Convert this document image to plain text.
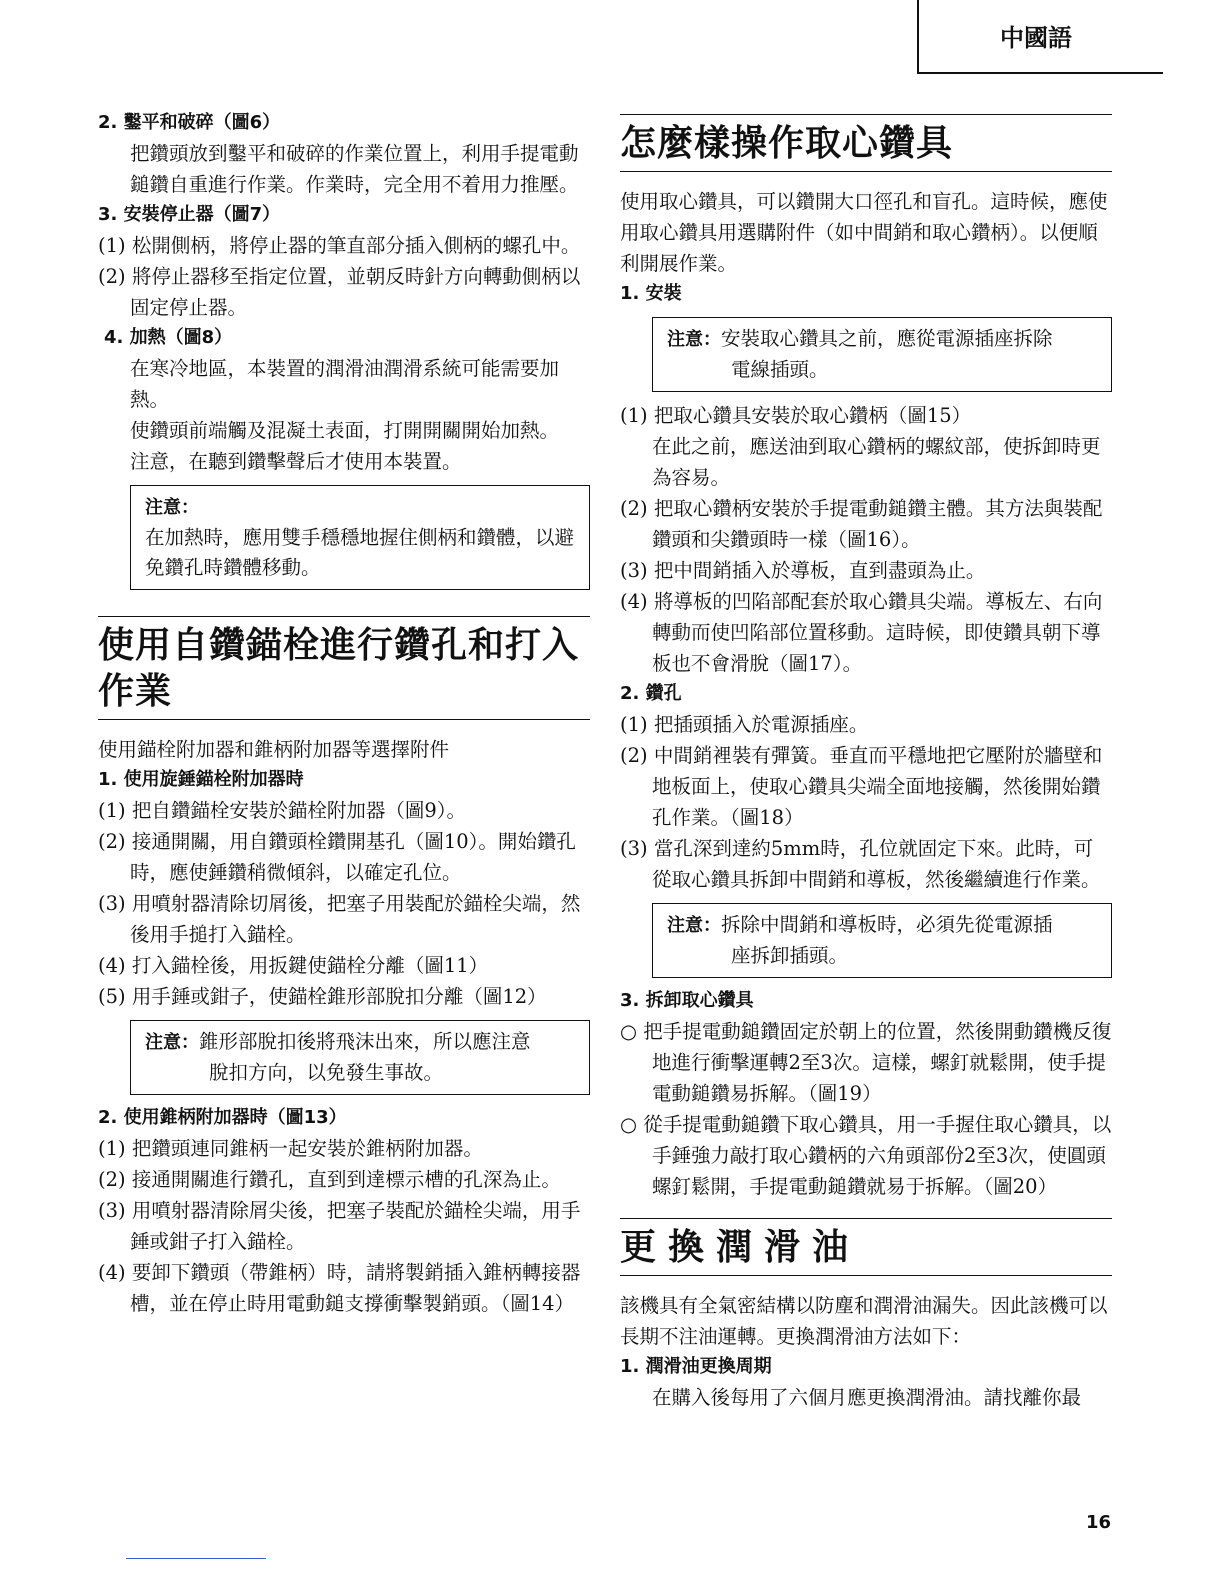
中國語

2. 鑿平和破碎（圖6）

把鑽頭放到鑿平和破碎的作業位置上，利用手提電動鎚鑽自重進行作業。作業時，完全用不着用力推壓。

3. 安裝停止器（圖7）

(1) 松開側柄，將停止器的筆直部分插入側柄的螺孔中。

(2) 將停止器移至指定位置，並朝反時針方向轉動側柄以固定停止器。

4. 加熱（圖8）

在寒冷地區，本裝置的潤滑油潤滑系統可能需要加熱。

使鑽頭前端觸及混凝土表面，打開開關開始加熱。

注意，在聽到鑽擊聲后才使用本裝置。

注意：

在加熱時，應用雙手穩穩地握住側柄和鑽體，以避免鑽孔時鑽體移動。

使用自鑽錨栓進行鑽孔和打入作業

使用錨栓附加器和錐柄附加器等選擇附件

1. 使用旋錘錨栓附加器時

(1) 把自鑽錨栓安裝於錨栓附加器（圖9）。

(2) 接通開關，用自鑽頭栓鑽開基孔（圖10）。開始鑽孔時，應使錘鑽稍微傾斜，以確定孔位。

(3) 用噴射器清除切屑後，把塞子用裝配於錨栓尖端，然後用手搥打入錨栓。

(4) 打入錨栓後，用扳鍵使錨栓分離（圖11）

(5) 用手錘或鉗子，使錨栓錐形部脫扣分離（圖12）

注意：錐形部脫扣後將飛沫出來，所以應注意

脫扣方向，以免發生事故。

2. 使用錐柄附加器時（圖13）

(1) 把鑽頭連同錐柄一起安裝於錐柄附加器。

(2) 接通開關進行鑽孔，直到到達標示槽的孔深為止。

(3) 用噴射器清除屑尖後，把塞子裝配於錨栓尖端，用手錘或鉗子打入錨栓。

(4) 要卸下鑽頭（帶錐柄）時，請將製銷插入錐柄轉接器槽，並在停止時用電動鎚支撐衝擊製銷頭。（圖14）

怎麼樣操作取心鑽具

使用取心鑽具，可以鑽開大口徑孔和盲孔。這時候，應使用取心鑽具用選購附件（如中間銷和取心鑽柄）。以便順利開展作業。

1. 安裝

注意：安裝取心鑽具之前，應從電源插座拆除

電線插頭。

(1) 把取心鑽具安裝於取心鑽柄（圖15）

在此之前，應送油到取心鑽柄的螺紋部，使拆卸時更為容易。

(2) 把取心鑽柄安裝於手提電動鎚鑽主體。其方法與裝配鑽頭和尖鑽頭時一樣（圖16）。

(3) 把中間銷插入於導板，直到盡頭為止。

(4) 將導板的凹陷部配套於取心鑽具尖端。導板左、右向轉動而使凹陷部位置移動。這時候，即使鑽具朝下導板也不會滑脫（圖17）。

2. 鑽孔

(1) 把插頭插入於電源插座。

(2) 中間銷裡裝有彈簧。垂直而平穩地把它壓附於牆壁和地板面上，使取心鑽具尖端全面地接觸，然後開始鑽孔作業。（圖18）

(3) 當孔深到達約5mm時，孔位就固定下來。此時，可從取心鑽具拆卸中間銷和導板，然後繼續進行作業。

注意：拆除中間銷和導板時，必須先從電源插

座拆卸插頭。

3. 拆卸取心鑽具

○ 把手提電動鎚鑽固定於朝上的位置，然後開動鑽機反復地進行衝擊運轉2至3次。這樣，螺釘就鬆開，使手提電動鎚鑽易拆解。（圖19）

○ 從手提電動鎚鑽下取心鑽具，用一手握住取心鑽具，以手錘強力敲打取心鑽柄的六角頭部份2至3次，使圓頭螺釘鬆開，手提電動鎚鑽就易于拆解。（圖20）

更換潤滑油

該機具有全氣密結構以防塵和潤滑油漏失。因此該機可以長期不注油運轉。更換潤滑油方法如下：

1. 潤滑油更換周期

在購入後每用了六個月應更換潤滑油。請找離你最

16
